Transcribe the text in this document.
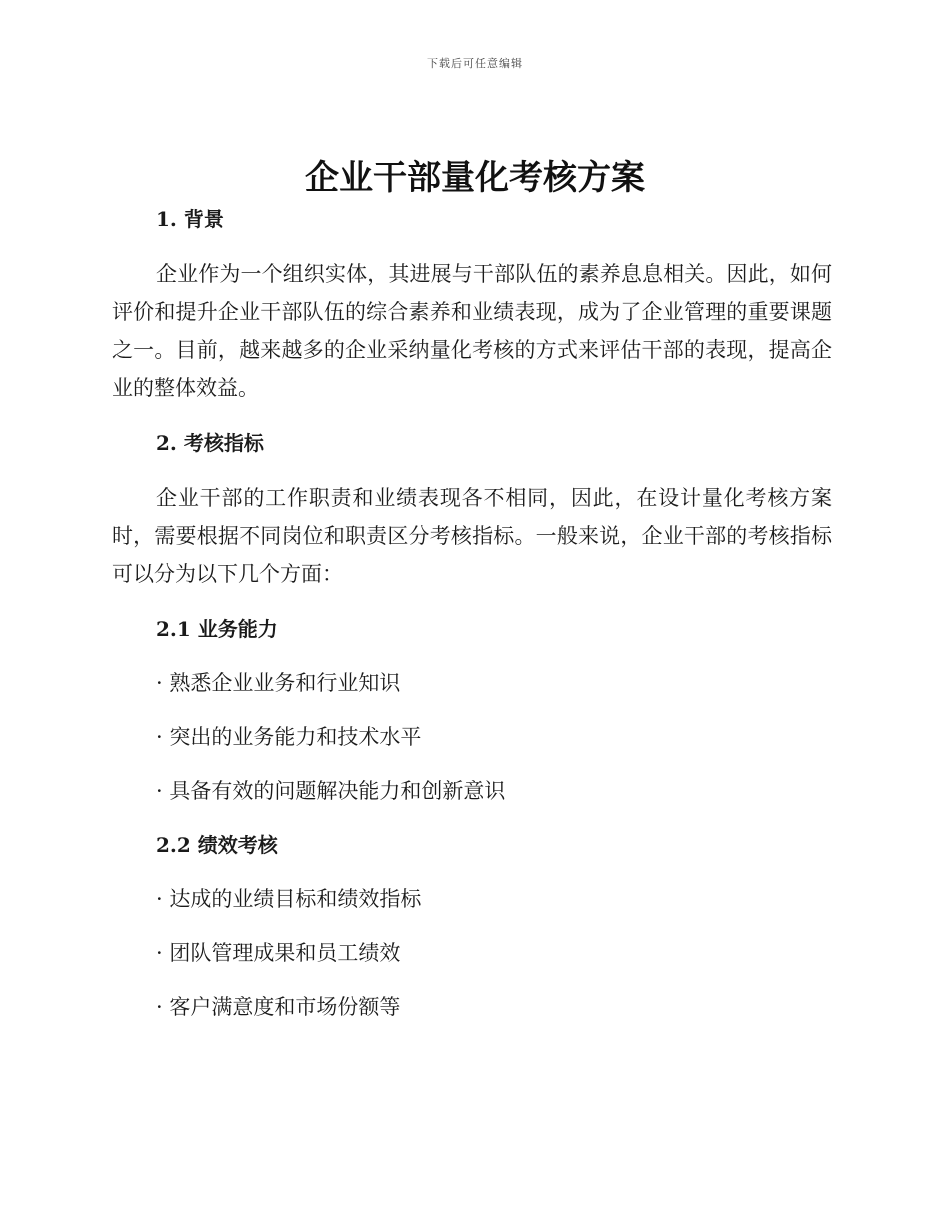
下载后可任意编辑
企业干部量化考核方案

1. 背景

企业作为一个组织实体，其进展与干部队伍的素养息息相关。因此，如何评价和提升企业干部队伍的综合素养和业绩表现，成为了企业管理的重要课题之一。目前，越来越多的企业采纳量化考核的方式来评估干部的表现，提高企业的整体效益。

2. 考核指标

企业干部的工作职责和业绩表现各不相同，因此，在设计量化考核方案时，需要根据不同岗位和职责区分考核指标。一般来说，企业干部的考核指标可以分为以下几个方面：

2.1 业务能力

· 熟悉企业业务和行业知识

· 突出的业务能力和技术水平

· 具备有效的问题解决能力和创新意识

2.2 绩效考核

· 达成的业绩目标和绩效指标

· 团队管理成果和员工绩效

· 客户满意度和市场份额等
